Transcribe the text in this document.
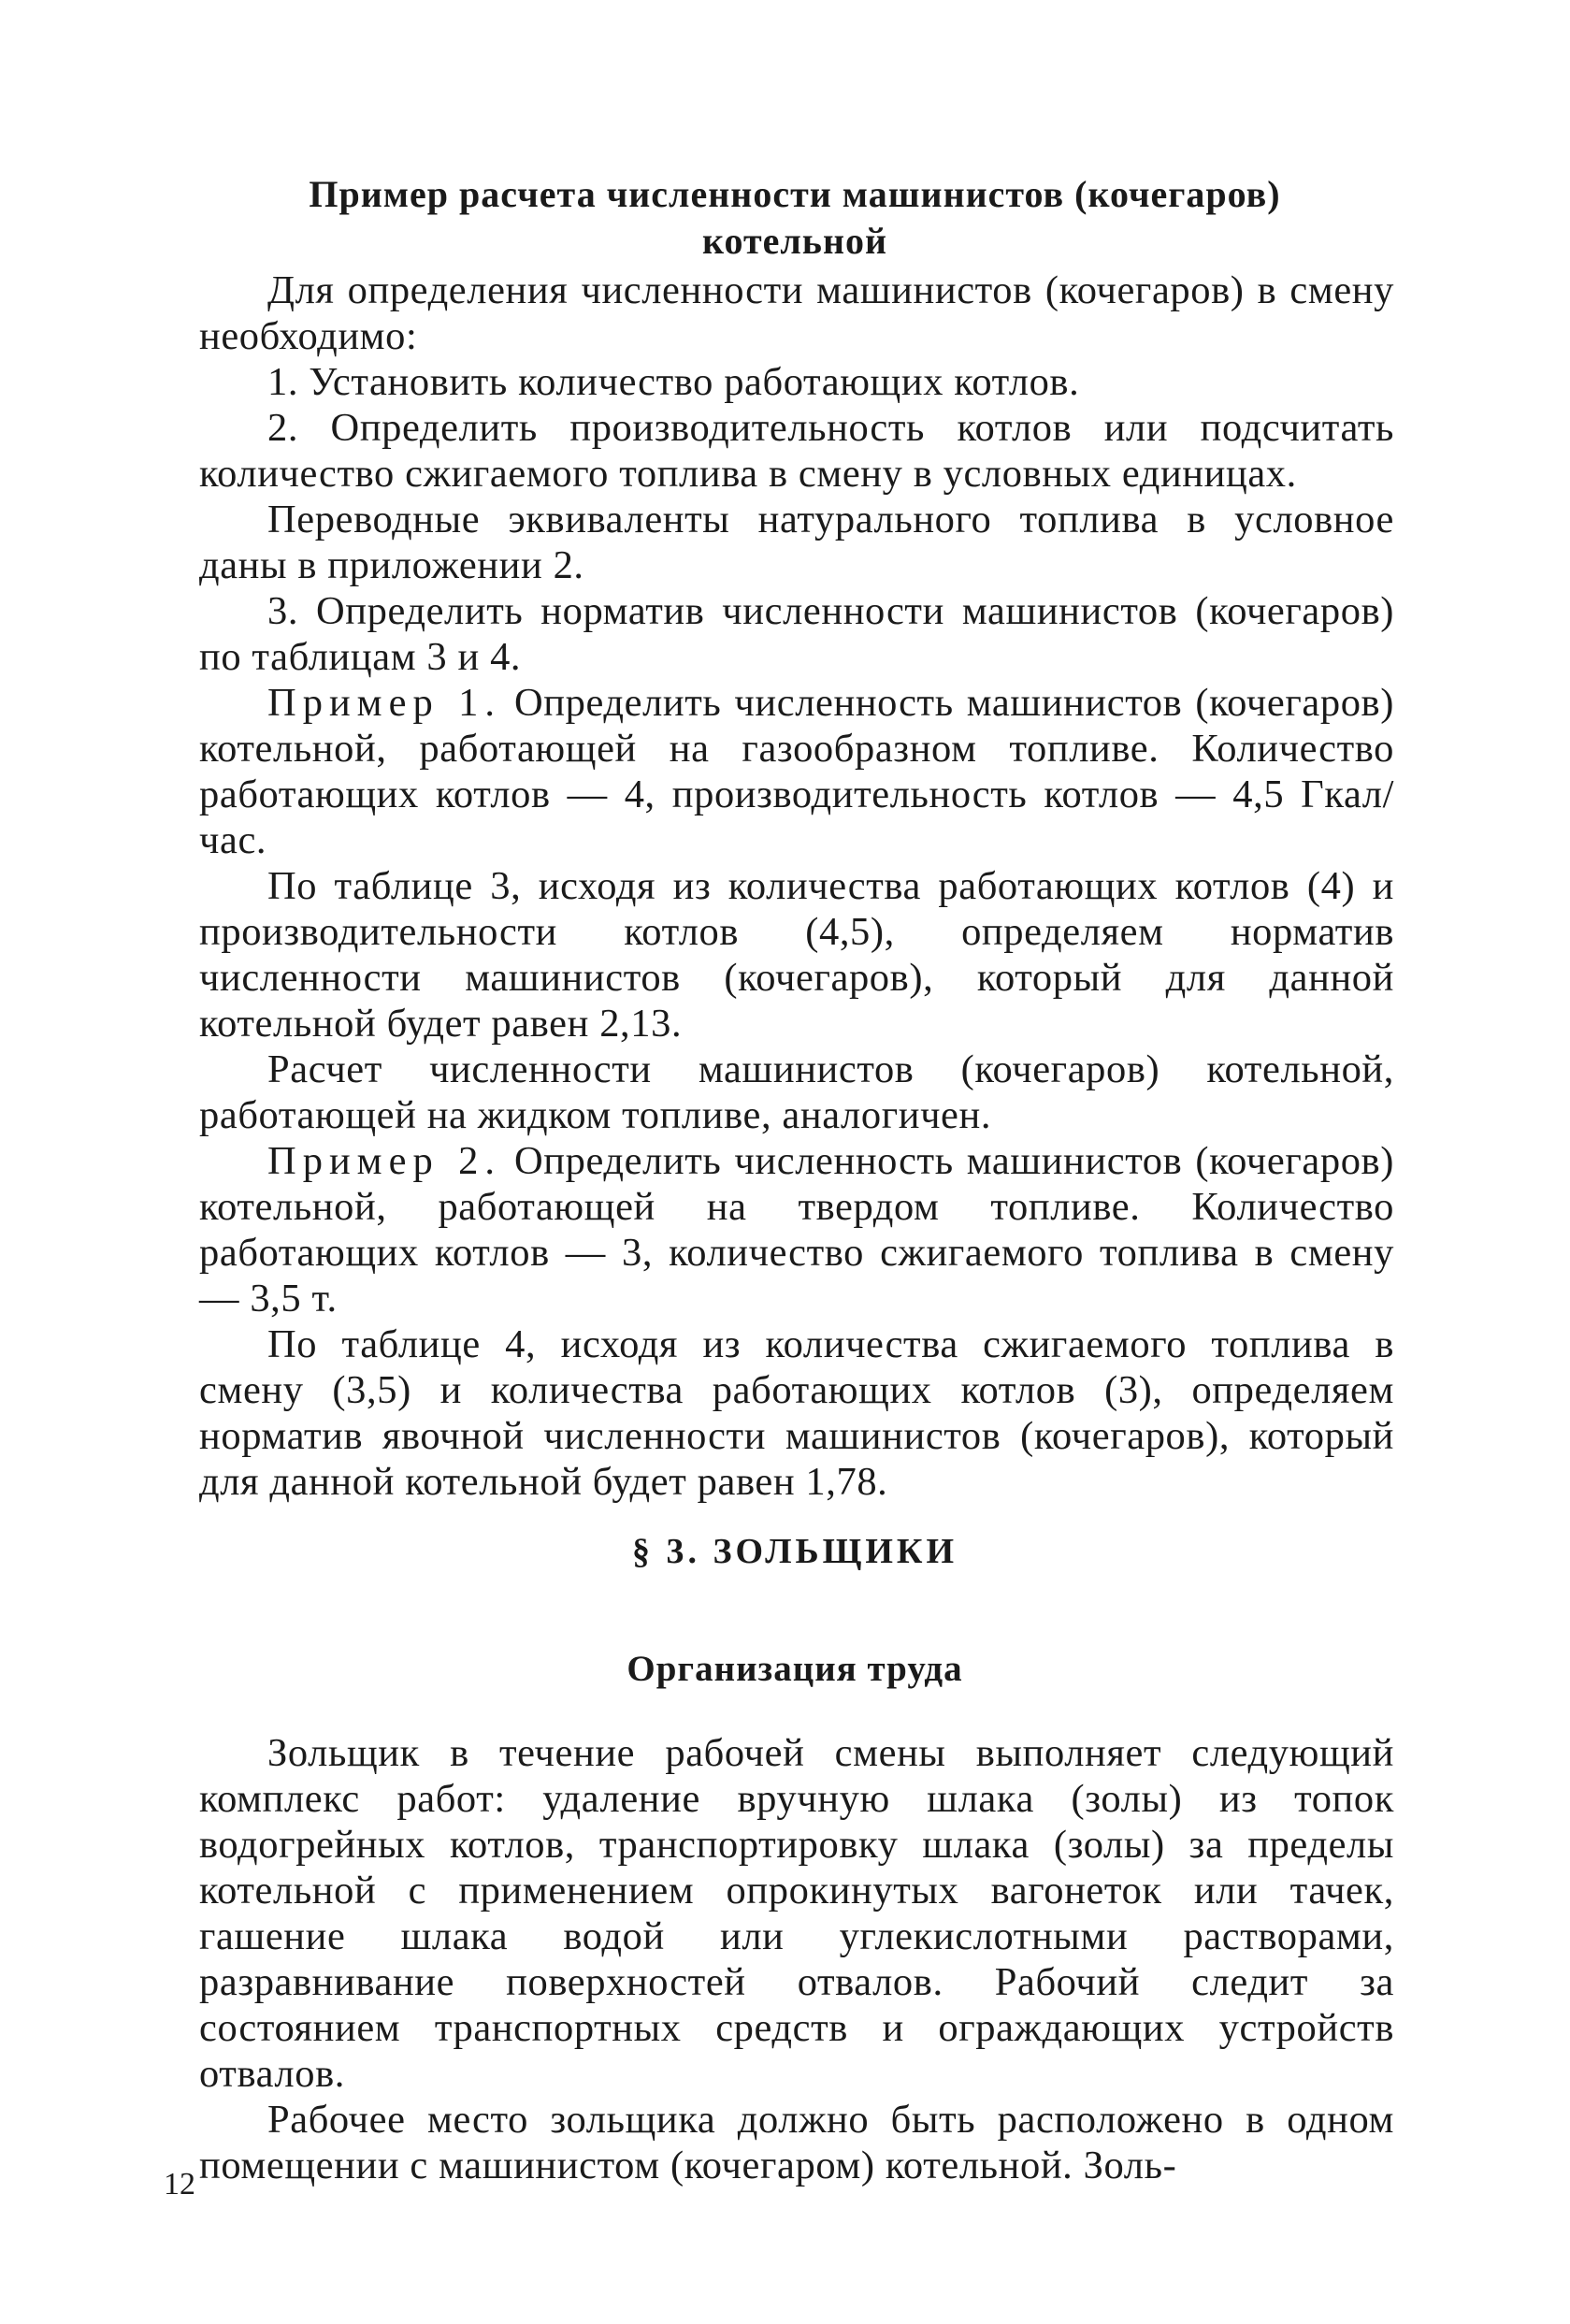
Пример расчета численности машинистов (кочегаров)
котельной

Для определения численности машинистов (кочегаров) в смену необходимо:

1. Установить количество работающих котлов.

2. Определить производительность котлов или подсчитать количество сжигаемого топлива в смену в условных единицах.

Переводные эквиваленты натурального топлива в условное даны в приложении 2.

3. Определить норматив численности машинистов (кочегаров) по таблицам 3 и 4.

Пример 1. Определить численность машинистов (кочегаров) котельной, работающей на газообразном топливе. Количество работающих котлов — 4, производительность котлов — 4,5 Гкал/час.

По таблице 3, исходя из количества работающих котлов (4) и производительности котлов (4,5), определяем норматив численности машинистов (кочегаров), который для данной котельной будет равен 2,13.

Расчет численности машинистов (кочегаров) котельной, работающей на жидком топливе, аналогичен.

Пример 2. Определить численность машинистов (кочегаров) котельной, работающей на твердом топливе. Количество работающих котлов — 3, количество сжигаемого топлива в смену — 3,5 т.

По таблице 4, исходя из количества сжигаемого топлива в смену (3,5) и количества работающих котлов (3), определяем норматив явочной численности машинистов (кочегаров), который для данной котельной будет равен 1,78.

§ 3. ЗОЛЬЩИКИ
Организация труда

Зольщик в течение рабочей смены выполняет следующий комплекс работ: удаление вручную шлака (золы) из топок водогрейных котлов, транспортировку шлака (золы) за пределы котельной с применением опрокинутых вагонеток или тачек, гашение шлака водой или углекислотными растворами, разравнивание поверхностей отвалов. Рабочий следит за состоянием транспортных средств и ограждающих устройств отвалов.

Рабочее место зольщика должно быть расположено в одном помещении с машинистом (кочегаром) котельной. Золь-

12
